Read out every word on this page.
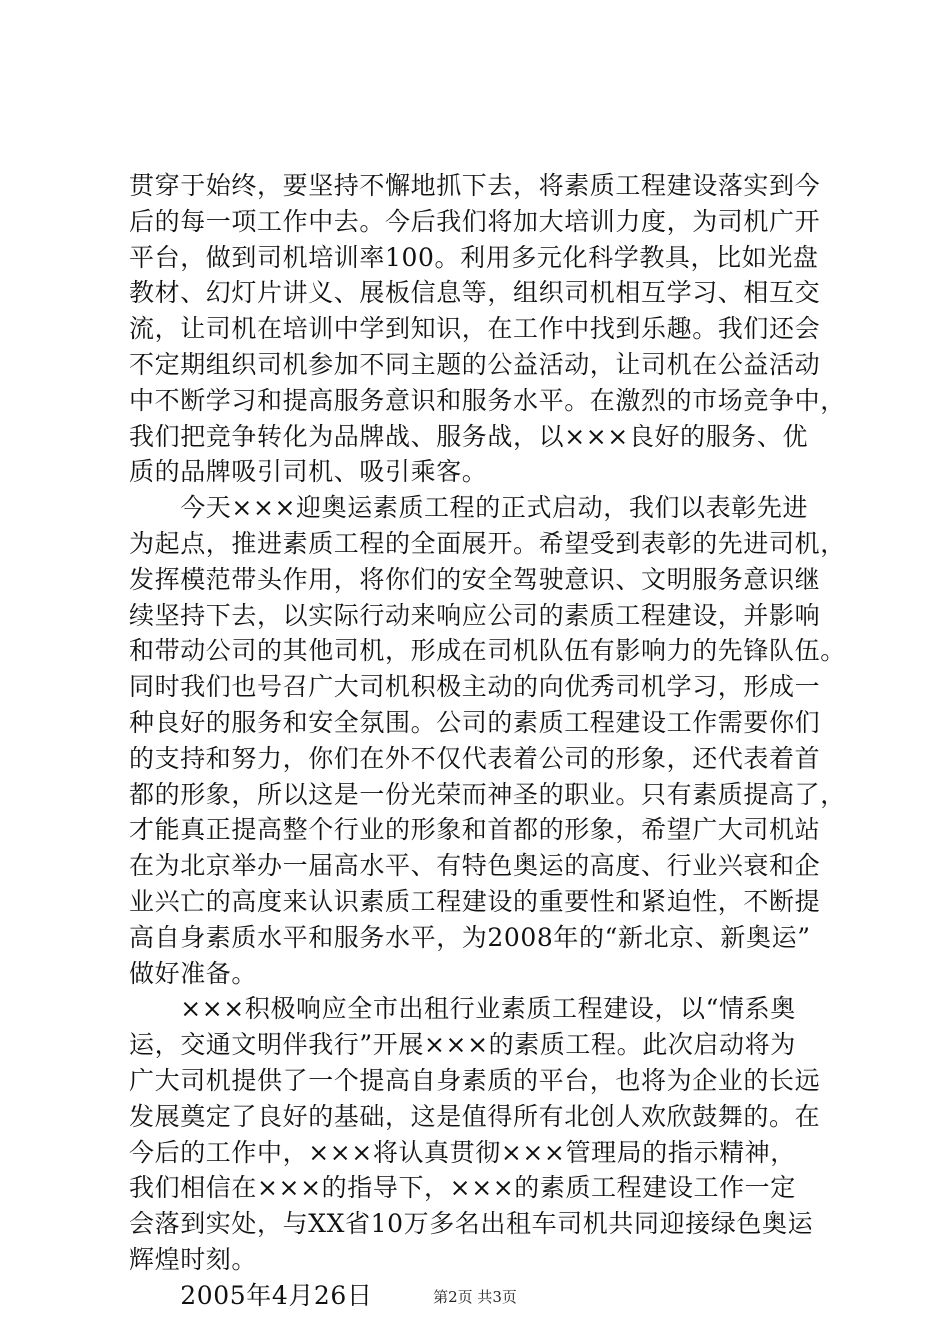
贯穿于始终，要坚持不懈地抓下去，将素质工程建设落实到今
后的每一项工作中去。今后我们将加大培训力度，为司机广开
平台，做到司机培训率100。利用多元化科学教具，比如光盘
教材、幻灯片讲义、展板信息等，组织司机相互学习、相互交
流，让司机在培训中学到知识，在工作中找到乐趣。我们还会
不定期组织司机参加不同主题的公益活动，让司机在公益活动
中不断学习和提高服务意识和服务水平。在激烈的市场竞争中，
我们把竞争转化为品牌战、服务战，以×××良好的服务、优
质的品牌吸引司机、吸引乘客。
　　今天×××迎奥运素质工程的正式启动，我们以表彰先进
为起点，推进素质工程的全面展开。希望受到表彰的先进司机，
发挥模范带头作用，将你们的安全驾驶意识、文明服务意识继
续坚持下去，以实际行动来响应公司的素质工程建设，并影响
和带动公司的其他司机，形成在司机队伍有影响力的先锋队伍。
同时我们也号召广大司机积极主动的向优秀司机学习，形成一
种良好的服务和安全氛围。公司的素质工程建设工作需要你们
的支持和努力，你们在外不仅代表着公司的形象，还代表着首
都的形象，所以这是一份光荣而神圣的职业。只有素质提高了，
才能真正提高整个行业的形象和首都的形象，希望广大司机站
在为北京举办一届高水平、有特色奥运的高度、行业兴衰和企
业兴亡的高度来认识素质工程建设的重要性和紧迫性，不断提
高自身素质水平和服务水平，为2008年的“新北京、新奥运”
做好准备。
　　×××积极响应全市出租行业素质工程建设，以“情系奥
运，交通文明伴我行”开展×××的素质工程。此次启动将为
广大司机提供了一个提高自身素质的平台，也将为企业的长远
发展奠定了良好的基础，这是值得所有北创人欢欣鼓舞的。在
今后的工作中，×××将认真贯彻×××管理局的指示精神，
我们相信在×××的指导下，×××的素质工程建设工作一定
会落到实处，与XX省10万多名出租车司机共同迎接绿色奥运
辉煌时刻。
　　2005年4月26日	第2页 共3页
